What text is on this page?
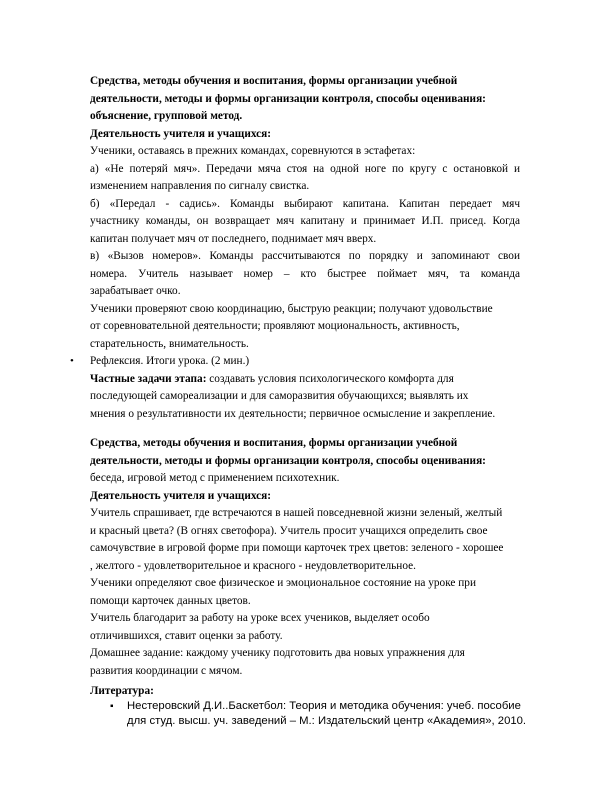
Средства, методы обучения и воспитания, формы организации учебной
деятельности, методы и формы организации контроля, способы оценивания:
объяснение, групповой метод.
Деятельность учителя и учащихся:
Ученики, оставаясь в прежних командах, соревнуются в эстафетах:
а) «Не потеряй мяч». Передачи мяча стоя на одной ноге по кругу с остановкой и
изменением направления по сигналу свистка.
б) «Передал - садись». Команды выбирают капитана. Капитан передает мяч
участнику команды, он возвращает мяч капитану и принимает И.П. присед. Когда
капитан получает мяч от последнего, поднимает мяч вверх.
в) «Вызов номеров». Команды рассчитываются по порядку и запоминают свои
номера. Учитель называет номер – кто быстрее поймает мяч, та команда
зарабатывает очко.
Ученики проверяют свою координацию, быструю реакции; получают удовольствие
от соревновательной деятельности; проявляют моциональность, активность,
старательность, внимательность.
• Рефлексия. Итоги урока. (2 мин.)
Частные задачи этапа: создавать условия психологического комфорта для
последующей самореализации и для саморазвития обучающихся; выявлять их
мнения о результативности их деятельности; первичное осмысление и закрепление.
Средства, методы обучения и воспитания, формы организации учебной
деятельности, методы и формы организации контроля, способы оценивания:
беседа, игровой метод с применением психотехник.
Деятельность учителя и учащихся:
Учитель спрашивает, где встречаются в нашей повседневной жизни зеленый, желтый
и красный цвета? (В огнях светофора). Учитель просит учащихся определить свое
самочувствие в игровой форме при помощи карточек трех цветов: зеленого - хорошее
, желтого - удовлетворительное и красного - неудовлетворительное.
Ученики определяют свое физическое и эмоциональное состояние на уроке при
помощи карточек данных цветов.
Учитель благодарит за работу на уроке всех учеников, выделяет особо
отличившихся, ставит оценки за работу.
Домашнее задание: каждому ученику подготовить два новых упражнения для
развития координации с мячом.
Литература:
▪ Нестеровский Д.И..Баскетбол: Теория и методика обучения: учеб. пособие
для студ. высш. уч. заведений – М.: Издательский центр «Академия», 2010.
